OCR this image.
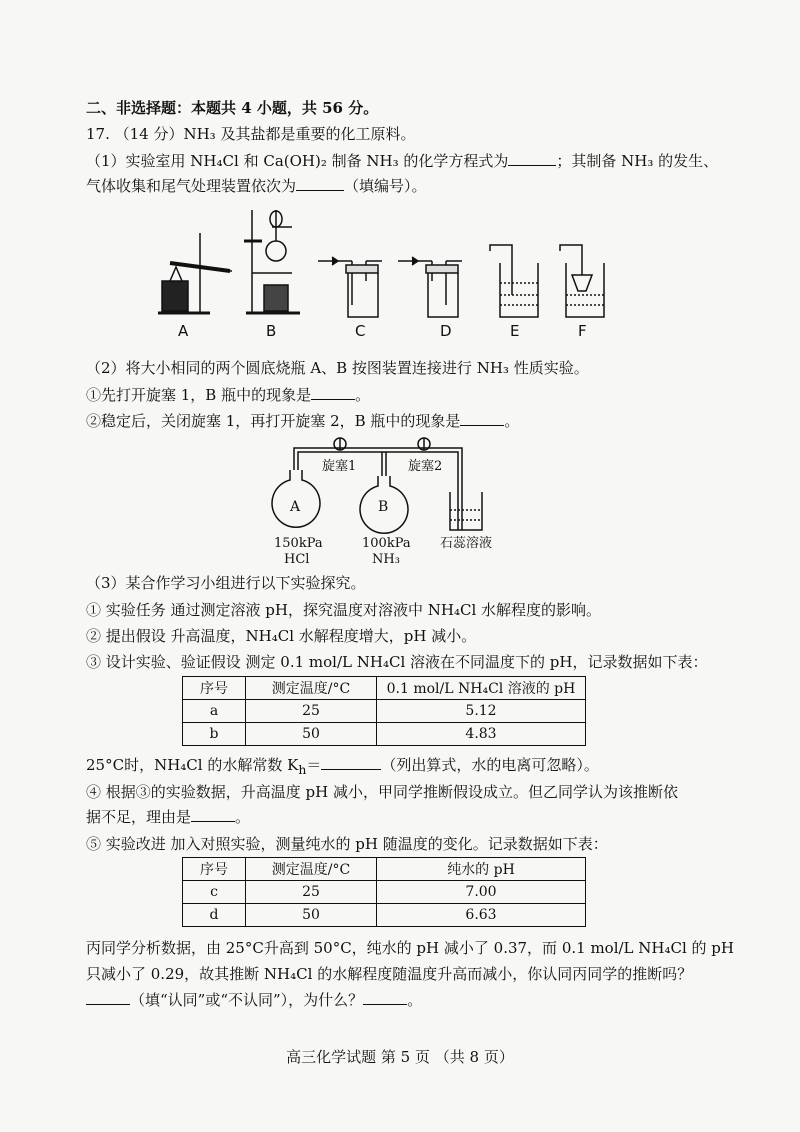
二、非选择题：本题共 4 小题，共 56 分。
17. （14 分）NH₃ 及其盐都是重要的化工原料。
（1）实验室用 NH₄Cl 和 Ca(OH)₂ 制备 NH₃ 的化学方程式为	；其制备 NH₃ 的发生、
气体收集和尾气处理装置依次为	（填编号）。
A	B	C	D	E	F
（2）将大小相同的两个圆底烧瓶 A、B 按图装置连接进行 NH₃ 性质实验。
①先打开旋塞 1，B 瓶中的现象是	。
②稳定后，关闭旋塞 1，再打开旋塞 2，B 瓶中的现象是	。
旋塞1	旋塞2
A	B
150kPa
HCl
100kPa
NH₃
石蕊溶液
（3）某合作学习小组进行以下实验探究。
① 实验任务 通过测定溶液 pH，探究温度对溶液中 NH₄Cl 水解程度的影响。
② 提出假设 升高温度，NH₄Cl 水解程度增大，pH 减小。
③ 设计实验、验证假设 测定 0.1 mol/L NH₄Cl 溶液在不同温度下的 pH，记录数据如下表：
序号	测定温度/°C	0.1 mol/L NH₄Cl 溶液的 pH
a	25	5.12
b	50	4.83
25°C时，NH₄Cl 的水解常数 $K_h=$	（列出算式，水的电离可忽略）。
④ 根据③的实验数据，升高温度 pH 减小，甲同学推断假设成立。但乙同学认为该推断依
据不足，理由是	。
⑤ 实验改进 加入对照实验，测量纯水的 pH 随温度的变化。记录数据如下表：
序号	测定温度/°C	纯水的 pH
c	25	7.00
d	50	6.63
丙同学分析数据，由 25°C升高到 50°C，纯水的 pH 减小了 0.37，而 0.1 mol/L NH₄Cl 的 pH
只减小了 0.29，故其推断 NH₄Cl 的水解程度随温度升高而减小，你认同丙同学的推断吗？
（填“认同”或“不认同”），为什么？	。
高三化学试题 第 5 页 （共 8 页）
